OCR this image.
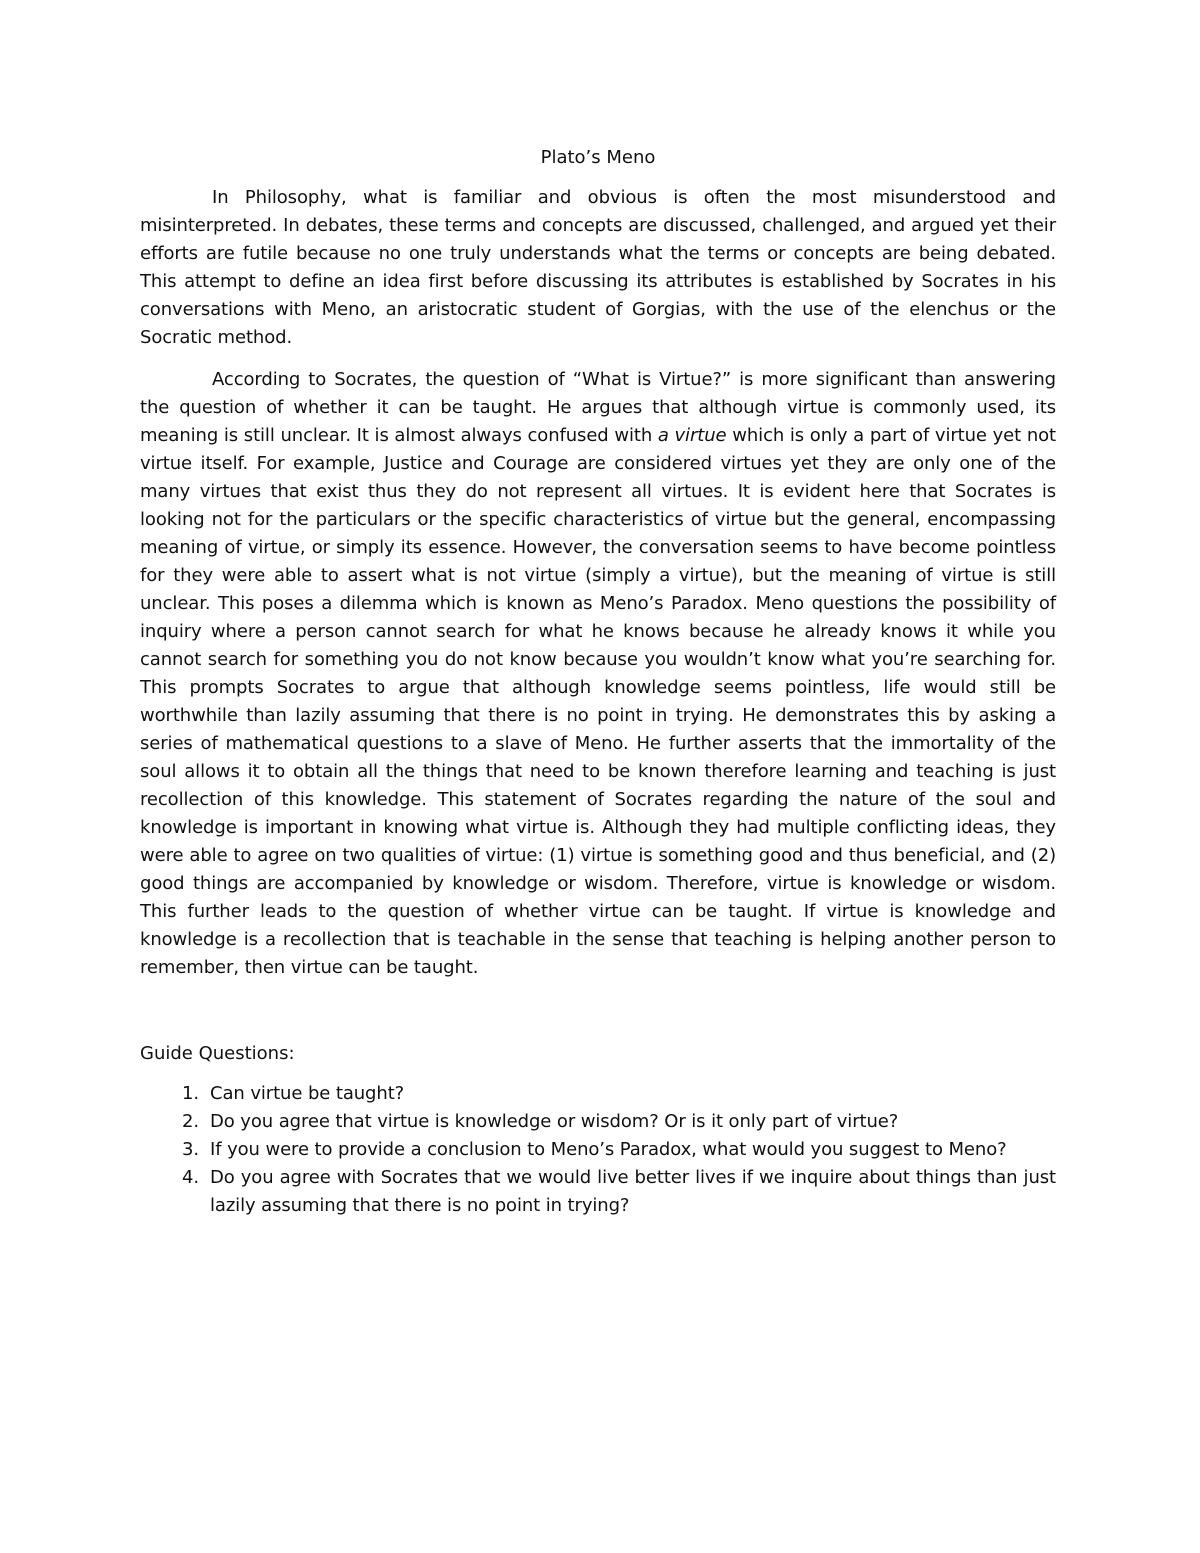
Plato’s Meno

In Philosophy, what is familiar and obvious is often the most misunderstood and misinterpreted. In debates, these terms and concepts are discussed, challenged, and argued yet their efforts are futile because no one truly understands what the terms or concepts are being debated. This attempt to define an idea first before discussing its attributes is established by Socrates in his conversations with Meno, an aristocratic student of Gorgias, with the use of the elenchus or the Socratic method.

According to Socrates, the question of “What is Virtue?” is more significant than answering the question of whether it can be taught. He argues that although virtue is commonly used, its meaning is still unclear. It is almost always confused with a virtue which is only a part of virtue yet not virtue itself. For example, Justice and Courage are considered virtues yet they are only one of the many virtues that exist thus they do not represent all virtues. It is evident here that Socrates is looking not for the particulars or the specific characteristics of virtue but the general, encompassing meaning of virtue, or simply its essence. However, the conversation seems to have become pointless for they were able to assert what is not virtue (simply a virtue), but the meaning of virtue is still unclear. This poses a dilemma which is known as Meno’s Paradox. Meno questions the possibility of inquiry where a person cannot search for what he knows because he already knows it while you cannot search for something you do not know because you wouldn’t know what you’re searching for. This prompts Socrates to argue that although knowledge seems pointless, life would still be worthwhile than lazily assuming that there is no point in trying. He demonstrates this by asking a series of mathematical questions to a slave of Meno. He further asserts that the immortality of the soul allows it to obtain all the things that need to be known therefore learning and teaching is just recollection of this knowledge. This statement of Socrates regarding the nature of the soul and knowledge is important in knowing what virtue is. Although they had multiple conflicting ideas, they were able to agree on two qualities of virtue: (1) virtue is something good and thus beneficial, and (2) good things are accompanied by knowledge or wisdom. Therefore, virtue is knowledge or wisdom. This further leads to the question of whether virtue can be taught. If virtue is knowledge and knowledge is a recollection that is teachable in the sense that teaching is helping another person to remember, then virtue can be taught.

Guide Questions:
1. Can virtue be taught?
2. Do you agree that virtue is knowledge or wisdom? Or is it only part of virtue?
3. If you were to provide a conclusion to Meno’s Paradox, what would you suggest to Meno?
4. Do you agree with Socrates that we would live better lives if we inquire about things than just lazily assuming that there is no point in trying?
